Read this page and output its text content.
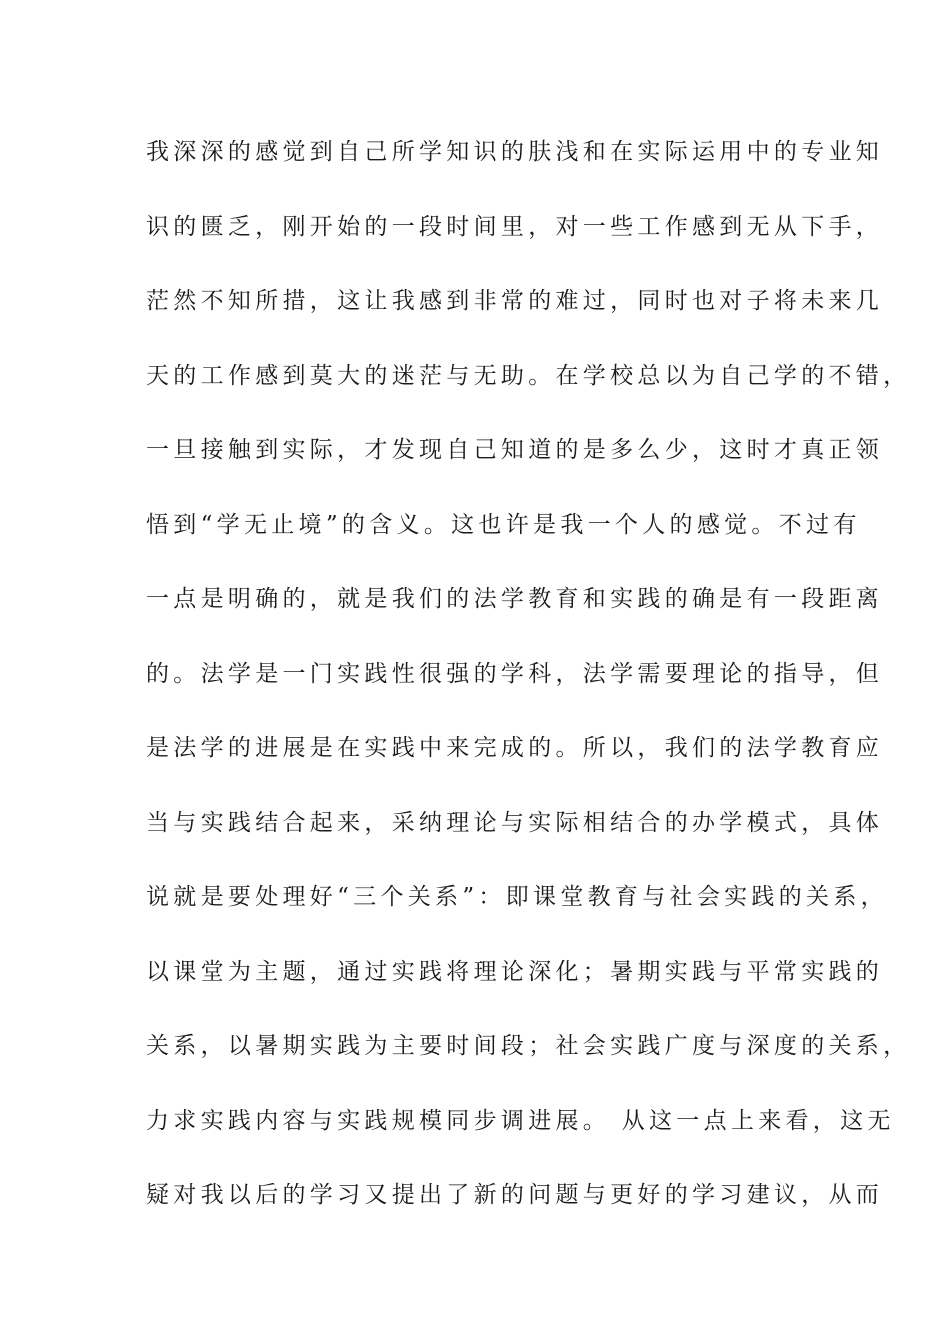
我深深的感觉到自己所学知识的肤浅和在实际运用中的专业知
识的匮乏，刚开始的一段时间里，对一些工作感到无从下手，
茫然不知所措，这让我感到非常的难过，同时也对子将未来几
天的工作感到莫大的迷茫与无助。在学校总以为自己学的不错，
一旦接触到实际，才发现自己知道的是多么少，这时才真正领
悟到“学无止境”的含义。这也许是我一个人的感觉。不过有
一点是明确的，就是我们的法学教育和实践的确是有一段距离
的。法学是一门实践性很强的学科，法学需要理论的指导，但
是法学的进展是在实践中来完成的。所以，我们的法学教育应
当与实践结合起来，采纳理论与实际相结合的办学模式，具体
说就是要处理好“三个关系”：即课堂教育与社会实践的关系，
以课堂为主题，通过实践将理论深化；暑期实践与平常实践的
关系，以暑期实践为主要时间段；社会实践广度与深度的关系，
力求实践内容与实践规模同步调进展。 从这一点上来看，这无
疑对我以后的学习又提出了新的问题与更好的学习建议，从而
